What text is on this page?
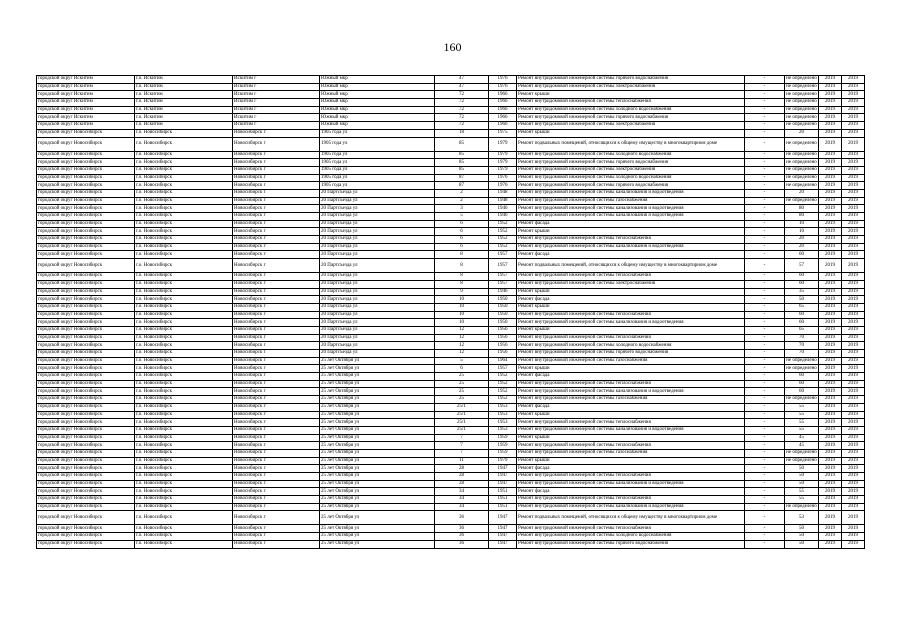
160
городской округ Искитим	г.о. Искитим	Искитим г	Южный мкр	47	1976	Ремонт внутридомовой инженерной системы горячего водоснабжения	-	не определено	2019	2019
городской округ Искитим	г.о. Искитим	Искитим г	Южный мкр	47	1976	Ремонт внутридомовой инженерной системы электроснабжения	-	не определено	2019	2019
городской округ Искитим	г.о. Искитим	Искитим г	Южный мкр	72	1966	Ремонт крыши	-	не определено	2019	2019
городской округ Искитим	г.о. Искитим	Искитим г	Южный мкр	72	1966	Ремонт внутридомовой инженерной системы теплоснабжения	-	не определено	2019	2019
городской округ Искитим	г.о. Искитим	Искитим г	Южный мкр	72	1966	Ремонт внутридомовой инженерной системы холодного водоснабжения	-	не определено	2019	2019
городской округ Искитим	г.о. Искитим	Искитим г	Южный мкр	72	1966	Ремонт внутридомовой инженерной системы горячего водоснабжения	-	не определено	2019	2019
городской округ Искитим	г.о. Искитим	Искитим г	Южный мкр	72	1966	Ремонт внутридомовой инженерной системы электроснабжения	-	не определено	2019	2019
городской округ Новосибирск	г.о. Новосибирск	Новосибирск г	1905 года ул	18	1975	Ремонт крыши	-	20	2019	2019
городской округ Новосибирск	г.о. Новосибирск	Новосибирск г	1905 года ул	85	1979	Ремонт подвальных помещений, относящихся к общему имуществу в многоквартирном доме	-	не определено	2019	2019
городской округ Новосибирск	г.о. Новосибирск	Новосибирск г	1905 года ул	85	1979	Ремонт внутридомовой инженерной системы холодного водоснабжения	-	не определено	2019	2019
городской округ Новосибирск	г.о. Новосибирск	Новосибирск г	1905 года ул	85	1979	Ремонт внутридомовой инженерной системы горячего водоснабжения	-	не определено	2019	2019
городской округ Новосибирск	г.о. Новосибирск	Новосибирск г	1905 года ул	85	1979	Ремонт внутридомовой инженерной системы электроснабжения	-	не определено	2019	2019
городской округ Новосибирск	г.о. Новосибирск	Новосибирск г	1905 года ул	87	1976	Ремонт внутридомовой инженерной системы холодного водоснабжения	-	не определено	2019	2019
городской округ Новосибирск	г.о. Новосибирск	Новосибирск г	1905 года ул	87	1976	Ремонт внутридомовой инженерной системы горячего водоснабжения	-	не определено	2019	2019
городской округ Новосибирск	г.о. Новосибирск	Новосибирск г	20 Партсъезда ул	2	1948	Ремонт внутридомовой инженерной системы канализования и водоотведения	-	20	2019	2019
городской округ Новосибирск	г.о. Новосибирск	Новосибирск г	20 Партсъезда ул	2	1948	Ремонт внутридомовой инженерной системы газоснабжения	-	не определено	2019	2019
городской округ Новосибирск	г.о. Новосибирск	Новосибирск г	20 Партсъезда ул	3	1946	Ремонт внутридомовой инженерной системы канализования и водоотведения	-	80	2019	2019
городской округ Новосибирск	г.о. Новосибирск	Новосибирск г	20 Партсъезда ул	5	1946	Ремонт внутридомовой инженерной системы канализования и водоотведения	-	80	2019	2019
городской округ Новосибирск	г.о. Новосибирск	Новосибирск г	20 Партсъезда ул	6	1952	Ремонт фасада	-	10	2019	2019
городской округ Новосибирск	г.о. Новосибирск	Новосибирск г	20 Партсъезда ул	6	1952	Ремонт крыши	-	10	2019	2019
городской округ Новосибирск	г.о. Новосибирск	Новосибирск г	20 Партсъезда ул	6	1952	Ремонт внутридомовой инженерной системы теплоснабжения	-	20	2019	2019
городской округ Новосибирск	г.о. Новосибирск	Новосибирск г	20 Партсъезда ул	6	1952	Ремонт внутридомовой инженерной системы канализования и водоотведения	-	20	2019	2019
городской округ Новосибирск	г.о. Новосибирск	Новосибирск г	20 Партсъезда ул	8	1957	Ремонт фасада	-	60	2019	2019
городской округ Новосибирск	г.о. Новосибирск	Новосибирск г	20 Партсъезда ул	8	1957	Ремонт подвальных помещений, относящихся к общему имуществу в многоквартирном доме	-	57	2019	2019
городской округ Новосибирск	г.о. Новосибирск	Новосибирск г	20 Партсъезда ул	8	1957	Ремонт внутридомовой инженерной системы теплоснабжения	-	60	2019	2019
городской округ Новосибирск	г.о. Новосибирск	Новосибирск г	20 Партсъезда ул	8	1957	Ремонт внутридомовой инженерной системы электроснабжения	-	60	2019	2019
городской округ Новосибирск	г.о. Новосибирск	Новосибирск г	20 Партсъезда ул	9	1946	Ремонт крыши	-	35	2019	2019
городской округ Новосибирск	г.о. Новосибирск	Новосибирск г	20 Партсъезда ул	10	1950	Ремонт фасада	-	50	2019	2019
городской округ Новосибирск	г.о. Новосибирск	Новосибирск г	20 Партсъезда ул	10	1950	Ремонт крыши	-	65	2019	2019
городской округ Новосибирск	г.о. Новосибирск	Новосибирск г	20 Партсъезда ул	10	1950	Ремонт внутридомовой инженерной системы теплоснабжения	-	60	2019	2019
городской округ Новосибирск	г.о. Новосибирск	Новосибирск г	20 Партсъезда ул	10	1950	Ремонт внутридомовой инженерной системы канализования и водоотведения	-	60	2019	2019
городской округ Новосибирск	г.о. Новосибирск	Новосибирск г	20 Партсъезда ул	12	1956	Ремонт крыши	-	65	2019	2019
городской округ Новосибирск	г.о. Новосибирск	Новосибирск г	20 Партсъезда ул	12	1956	Ремонт внутридомовой инженерной системы теплоснабжения	-	70	2019	2019
городской округ Новосибирск	г.о. Новосибирск	Новосибирск г	20 Партсъезда ул	12	1956	Ремонт внутридомовой инженерной системы холодного водоснабжения	-	70	2019	2019
городской округ Новосибирск	г.о. Новосибирск	Новосибирск г	20 Партсъезда ул	12	1956	Ремонт внутридомовой инженерной системы горячего водоснабжения	-	70	2019	2019
городской округ Новосибирск	г.о. Новосибирск	Новосибирск г	25 лет Октября ул	5	1964	Ремонт внутридомовой инженерной системы газоснабжения	-	не определено	2019	2019
городской округ Новосибирск	г.о. Новосибирск	Новосибирск г	25 лет Октября ул	6	1957	Ремонт крыши	-	не определено	2019	2019
городской округ Новосибирск	г.о. Новосибирск	Новосибирск г	25 лет Октября ул	25	1952	Ремонт фасада	-	60	2019	2019
городской округ Новосибирск	г.о. Новосибирск	Новосибирск г	25 лет Октября ул	25	1952	Ремонт внутридомовой инженерной системы теплоснабжения	-	60	2019	2019
городской округ Новосибирск	г.о. Новосибирск	Новосибирск г	25 лет Октября ул	25	1952	Ремонт внутридомовой инженерной системы канализования и водоотведения	-	60	2019	2019
городской округ Новосибирск	г.о. Новосибирск	Новосибирск г	25 лет Октября ул	25	1952	Ремонт внутридомовой инженерной системы газоснабжения	-	не определено	2019	2019
городской округ Новосибирск	г.о. Новосибирск	Новосибирск г	25 лет Октября ул	25/1	1953	Ремонт фасада	-	55	2019	2019
городской округ Новосибирск	г.о. Новосибирск	Новосибирск г	25 лет Октября ул	25/1	1953	Ремонт крыши	-	55	2019	2019
городской округ Новосибирск	г.о. Новосибирск	Новосибирск г	25 лет Октября ул	25/1	1953	Ремонт внутридомовой инженерной системы теплоснабжения	-	55	2019	2019
городской округ Новосибирск	г.о. Новосибирск	Новосибирск г	25 лет Октября ул	25/1	1953	Ремонт внутридомовой инженерной системы канализования и водоотведения	-	55	2019	2019
городской округ Новосибирск	г.о. Новосибирск	Новосибирск г	25 лет Октября ул	7	1959	Ремонт крыши	-	45	2019	2019
городской округ Новосибирск	г.о. Новосибирск	Новосибирск г	25 лет Октября ул	7	1959	Ремонт внутридомовой инженерной системы теплоснабжения	-	45	2019	2019
городской округ Новосибирск	г.о. Новосибирск	Новосибирск г	25 лет Октября ул	7	1959	Ремонт внутридомовой инженерной системы газоснабжения	-	не определено	2019	2019
городской округ Новосибирск	г.о. Новосибирск	Новосибирск г	25 лет Октября ул	11	1979	Ремонт крыши	-	не определено	2019	2019
городской округ Новосибирск	г.о. Новосибирск	Новосибирск г	25 лет Октября ул	28	1947	Ремонт фасада	-	50	2019	2019
городской округ Новосибирск	г.о. Новосибирск	Новосибирск г	25 лет Октября ул	28	1947	Ремонт внутридомовой инженерной системы теплоснабжения	-	50	2019	2019
городской округ Новосибирск	г.о. Новосибирск	Новосибирск г	25 лет Октября ул	28	1947	Ремонт внутридомовой инженерной системы канализования и водоотведения	-	50	2019	2019
городской округ Новосибирск	г.о. Новосибирск	Новосибирск г	25 лет Октября ул	34	1951	Ремонт фасада	-	55	2019	2019
городской округ Новосибирск	г.о. Новосибирск	Новосибирск г	25 лет Октября ул	34	1951	Ремонт внутридомовой инженерной системы теплоснабжения	-	55	2019	2019
городской округ Новосибирск	г.о. Новосибирск	Новосибирск г	25 лет Октября ул	34	1951	Ремонт внутридомовой инженерной системы канализования и водоотведения	-	не определено	2019	2019
городской округ Новосибирск	г.о. Новосибирск	Новосибирск г	25 лет Октября ул	36	1947	Ремонт подвальных помещений, относящихся к общему имуществу в многоквартирном доме	-	53	2019	2019
городской округ Новосибирск	г.о. Новосибирск	Новосибирск г	25 лет Октября ул	36	1947	Ремонт внутридомовой инженерной системы теплоснабжения	-	50	2019	2019
городской округ Новосибирск	г.о. Новосибирск	Новосибирск г	25 лет Октября ул	36	1947	Ремонт внутридомовой инженерной системы холодного водоснабжения	-	50	2019	2019
городской округ Новосибирск	г.о. Новосибирск	Новосибирск г	25 лет Октября ул	36	1947	Ремонт внутридомовой инженерной системы горячего водоснабжения	-	50	2019	2019
